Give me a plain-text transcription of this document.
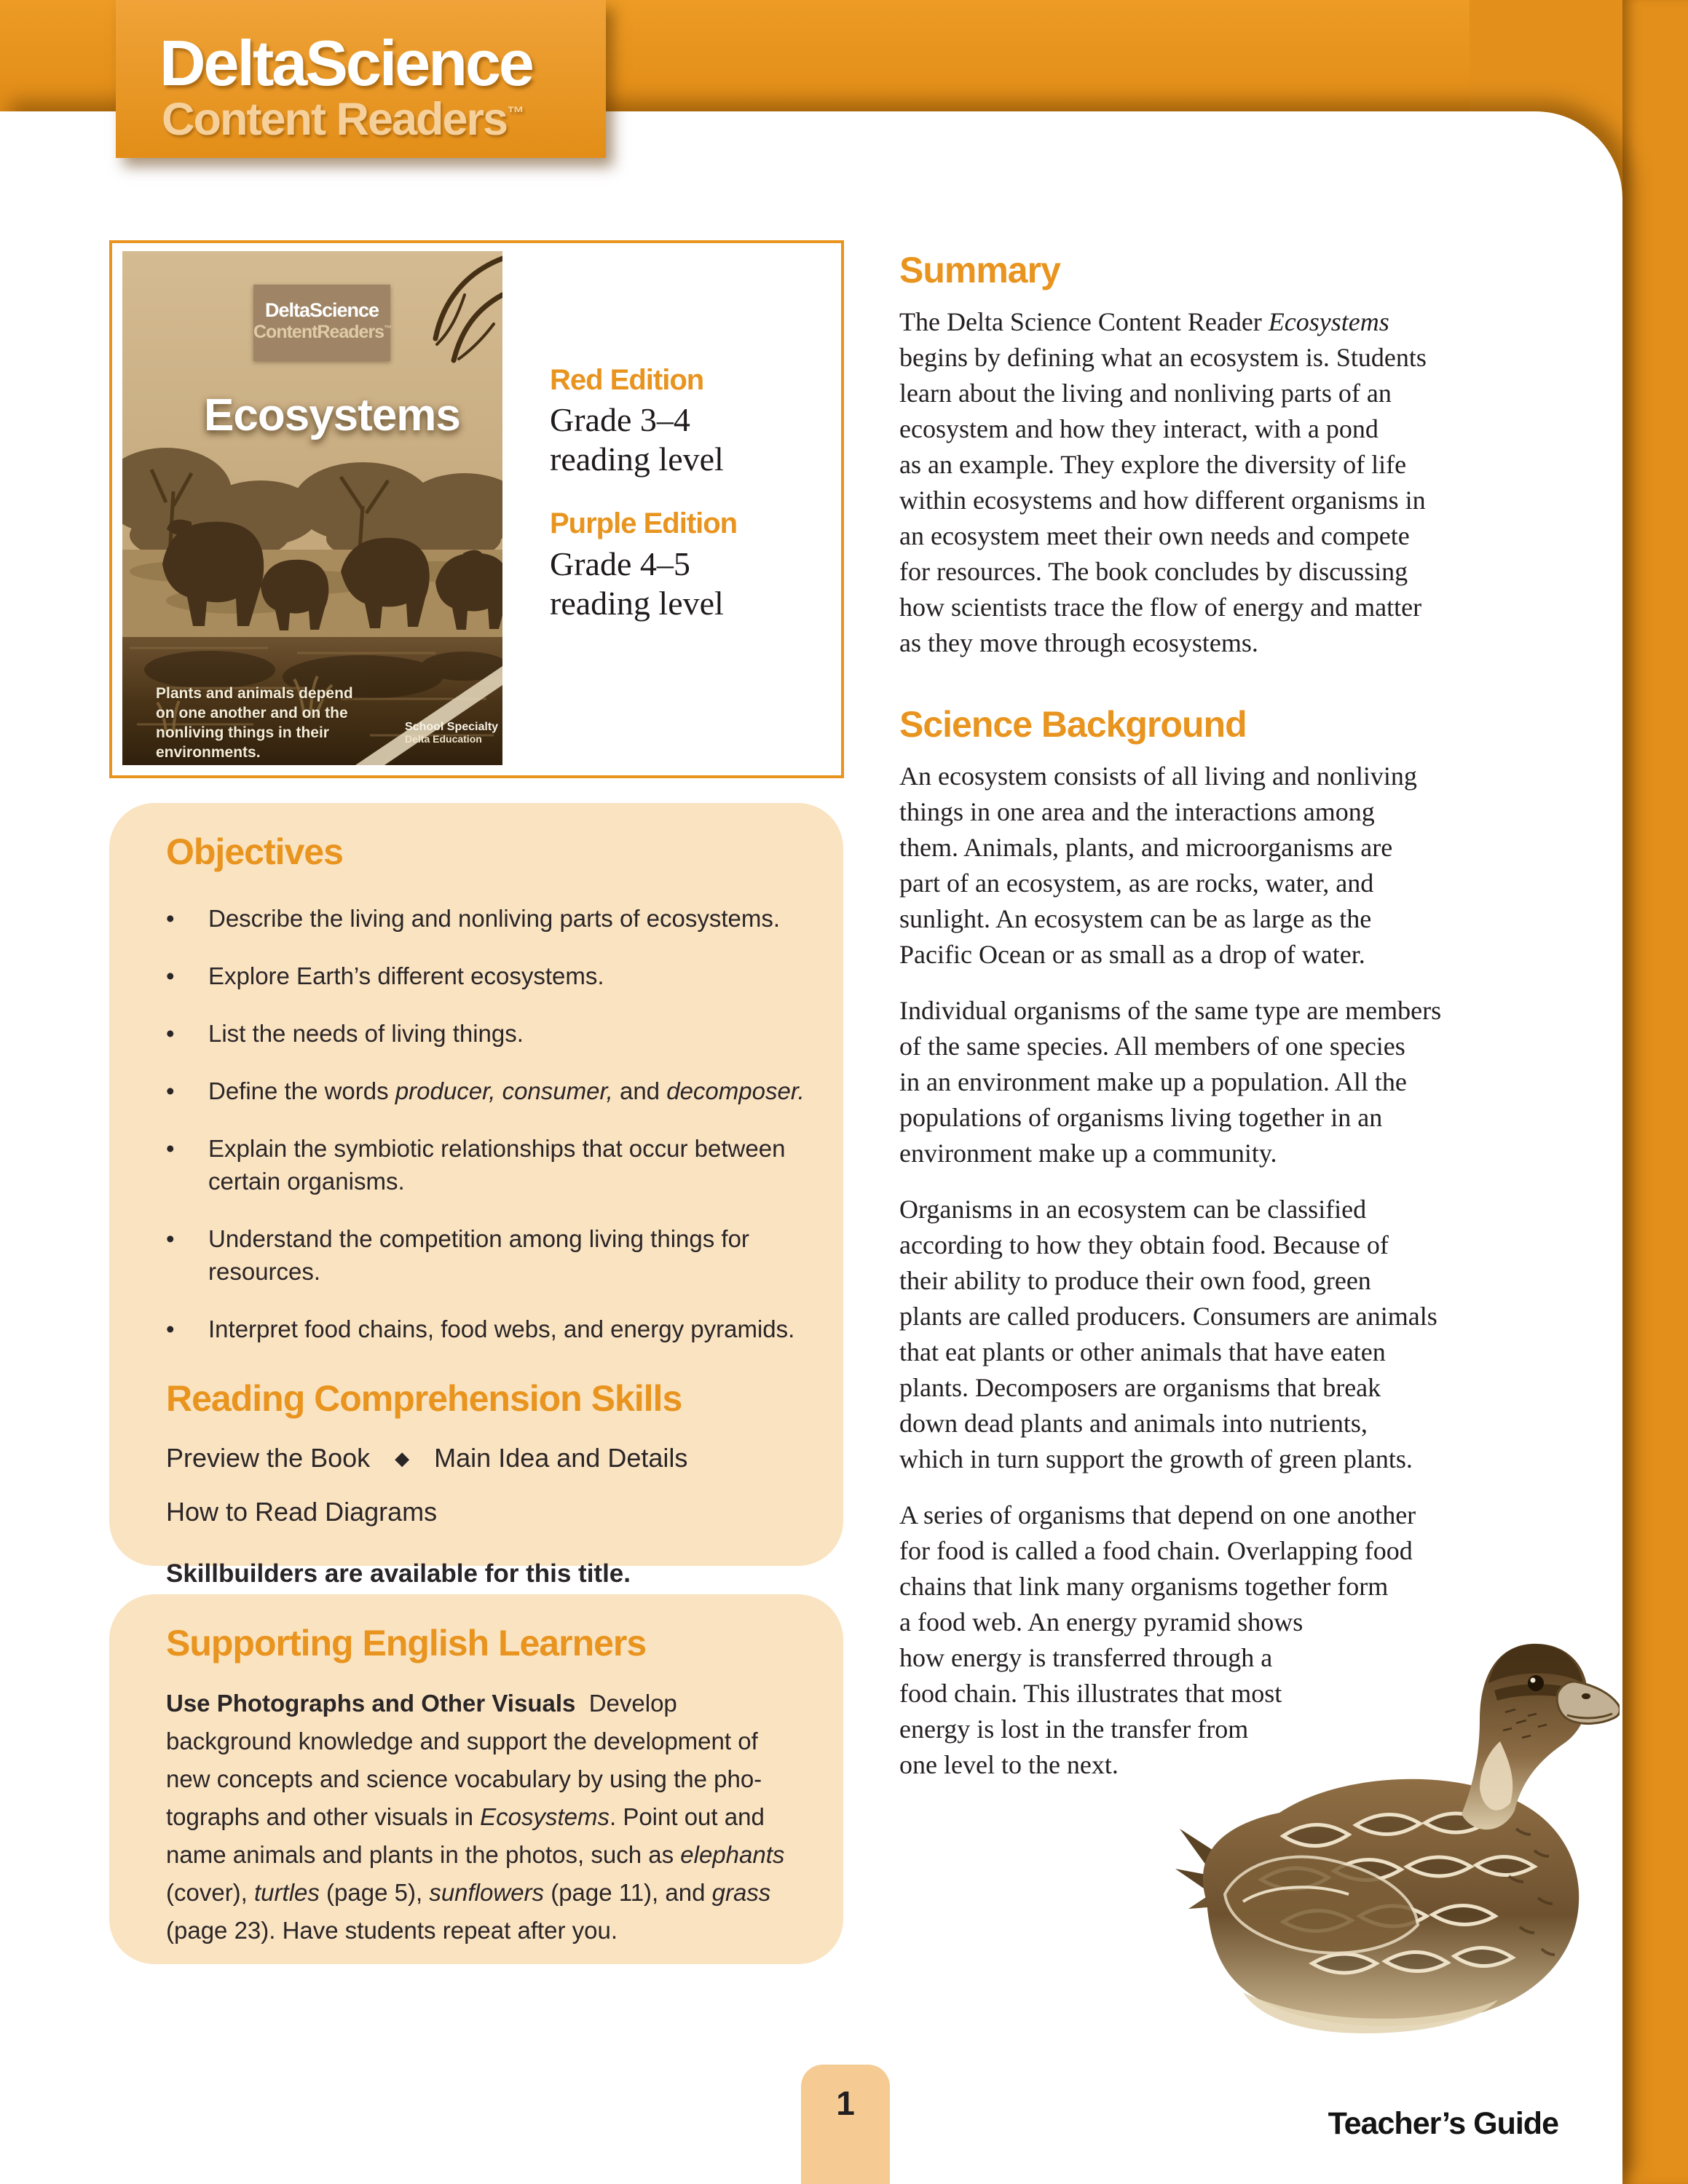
DeltaScience
Content Readers™
DeltaScience
ContentReaders™
Ecosystems
Plants and animals depend
on one another and on the
nonliving things in their
environments.
School Specialty
Delta Education
Red Edition
Grade 3–4
reading level
Purple Edition
Grade 4–5
reading level
Objectives
•	Describe the living and nonliving parts of ecosystems.
•	Explore Earth’s different ecosystems.
•	List the needs of living things.
•	Define the words producer, consumer, and decomposer.
•	Explain the symbiotic relationships that occur between
certain organisms.
•	Understand the competition among living things for
resources.
•	Interpret food chains, food webs, and energy pyramids.
Reading Comprehension Skills
Preview the Book ◆ Main Idea and Details
How to Read Diagrams
Skillbuilders are available for this title.
Supporting English Learners
Use Photographs and Other Visuals  Develop
background knowledge and support the development of
new concepts and science vocabulary by using the pho-
tographs and other visuals in Ecosystems. Point out and
name animals and plants in the photos, such as elephants
(cover), turtles (page 5), sunflowers (page 11), and grass
(page 23). Have students repeat after you.
Summary
The Delta Science Content Reader Ecosystems
begins by defining what an ecosystem is. Students
learn about the living and nonliving parts of an
ecosystem and how they interact, with a pond
as an example. They explore the diversity of life
within ecosystems and how different organisms in
an ecosystem meet their own needs and compete
for resources. The book concludes by discussing
how scientists trace the flow of energy and matter
as they move through ecosystems.
Science Background
An ecosystem consists of all living and nonliving
things in one area and the interactions among
them. Animals, plants, and microorganisms are
part of an ecosystem, as are rocks, water, and
sunlight. An ecosystem can be as large as the
Pacific Ocean or as small as a drop of water.
Individual organisms of the same type are members
of the same species. All members of one species
in an environment make up a population. All the
populations of organisms living together in an
environment make up a community.
Organisms in an ecosystem can be classified
according to how they obtain food. Because of
their ability to produce their own food, green
plants are called producers. Consumers are animals
that eat plants or other animals that have eaten
plants. Decomposers are organisms that break
down dead plants and animals into nutrients,
which in turn support the growth of green plants.
A series of organisms that depend on one another
for food is called a food chain. Overlapping food
chains that link many organisms together form
a food web. An energy pyramid shows
how energy is transferred through a
food chain. This illustrates that most
energy is lost in the transfer from
one level to the next.
1
Teacher’s Guide
